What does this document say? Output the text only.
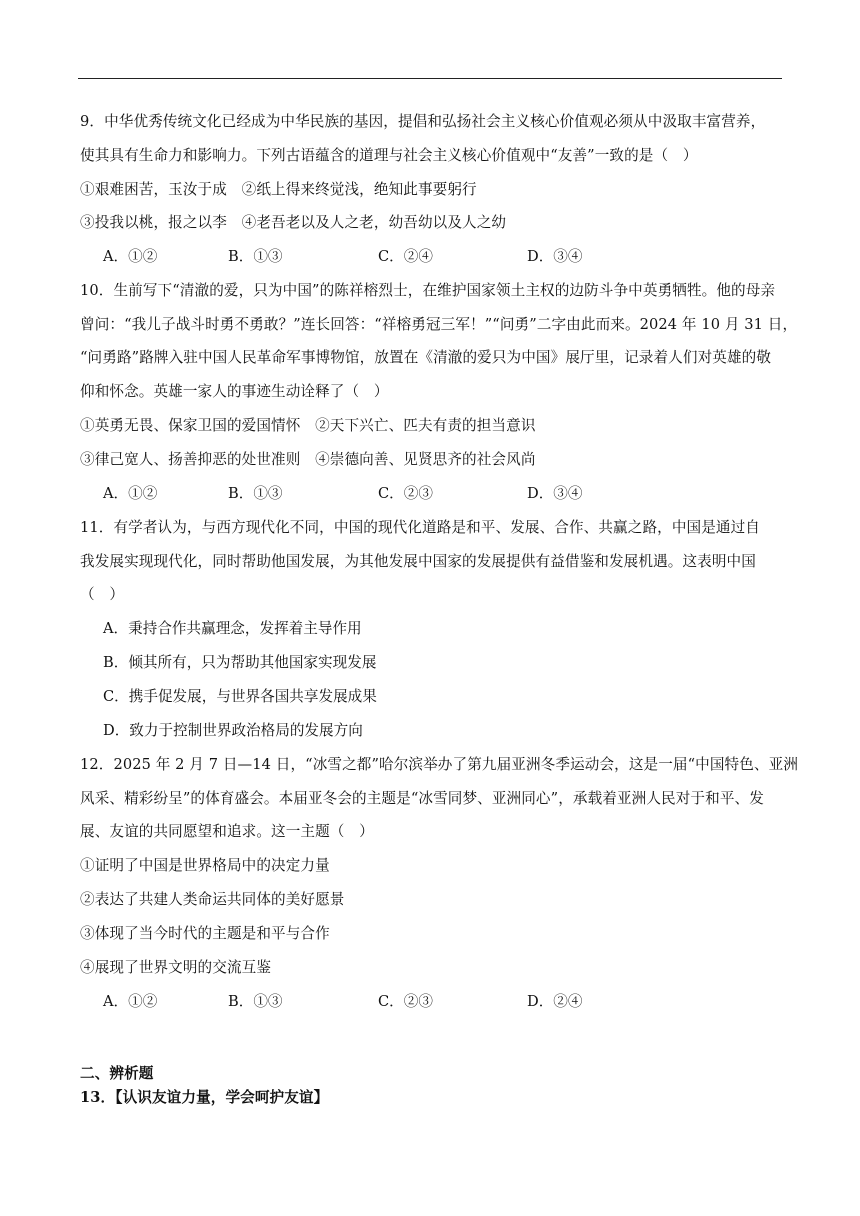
9．中华优秀传统文化已经成为中华民族的基因，提倡和弘扬社会主义核心价值观必须从中汲取丰富营养，
使其具有生命力和影响力。下列古语蕴含的道理与社会主义核心价值观中“友善”一致的是（　）
①艰难困苦，玉汝于成　②纸上得来终觉浅，绝知此事要躬行
③投我以桃，报之以李　④老吾老以及人之老，幼吾幼以及人之幼
A．①②	B．①③	C．②④	D．③④
10．生前写下“清澈的爱，只为中国”的陈祥榕烈士，在维护国家领土主权的边防斗争中英勇牺牲。他的母亲
曾问：“我儿子战斗时勇不勇敢？”连长回答：“祥榕勇冠三军！”“问勇”二字由此而来。2024 年 10 月 31 日，
“问勇路”路牌入驻中国人民革命军事博物馆，放置在《清澈的爱只为中国》展厅里，记录着人们对英雄的敬
仰和怀念。英雄一家人的事迹生动诠释了（　）
①英勇无畏、保家卫国的爱国情怀　②天下兴亡、匹夫有责的担当意识
③律己宽人、扬善抑恶的处世准则　④崇德向善、见贤思齐的社会风尚
A．①②	B．①③	C．②③	D．③④
11．有学者认为，与西方现代化不同，中国的现代化道路是和平、发展、合作、共赢之路，中国是通过自
我发展实现现代化，同时帮助他国发展，为其他发展中国家的发展提供有益借鉴和发展机遇。这表明中国
（　）
A．秉持合作共赢理念，发挥着主导作用
B．倾其所有，只为帮助其他国家实现发展
C．携手促发展，与世界各国共享发展成果
D．致力于控制世界政治格局的发展方向
12．2025 年 2 月 7 日—14 日，“冰雪之都”哈尔滨举办了第九届亚洲冬季运动会，这是一届“中国特色、亚洲
风采、精彩纷呈”的体育盛会。本届亚冬会的主题是“冰雪同梦、亚洲同心”，承载着亚洲人民对于和平、发
展、友谊的共同愿望和追求。这一主题（　）
①证明了中国是世界格局中的决定力量
②表达了共建人类命运共同体的美好愿景
③体现了当今时代的主题是和平与合作
④展现了世界文明的交流互鉴
A．①②	B．①③	C．②③	D．②④
二、辨析题
13．【认识友谊力量，学会呵护友谊】
